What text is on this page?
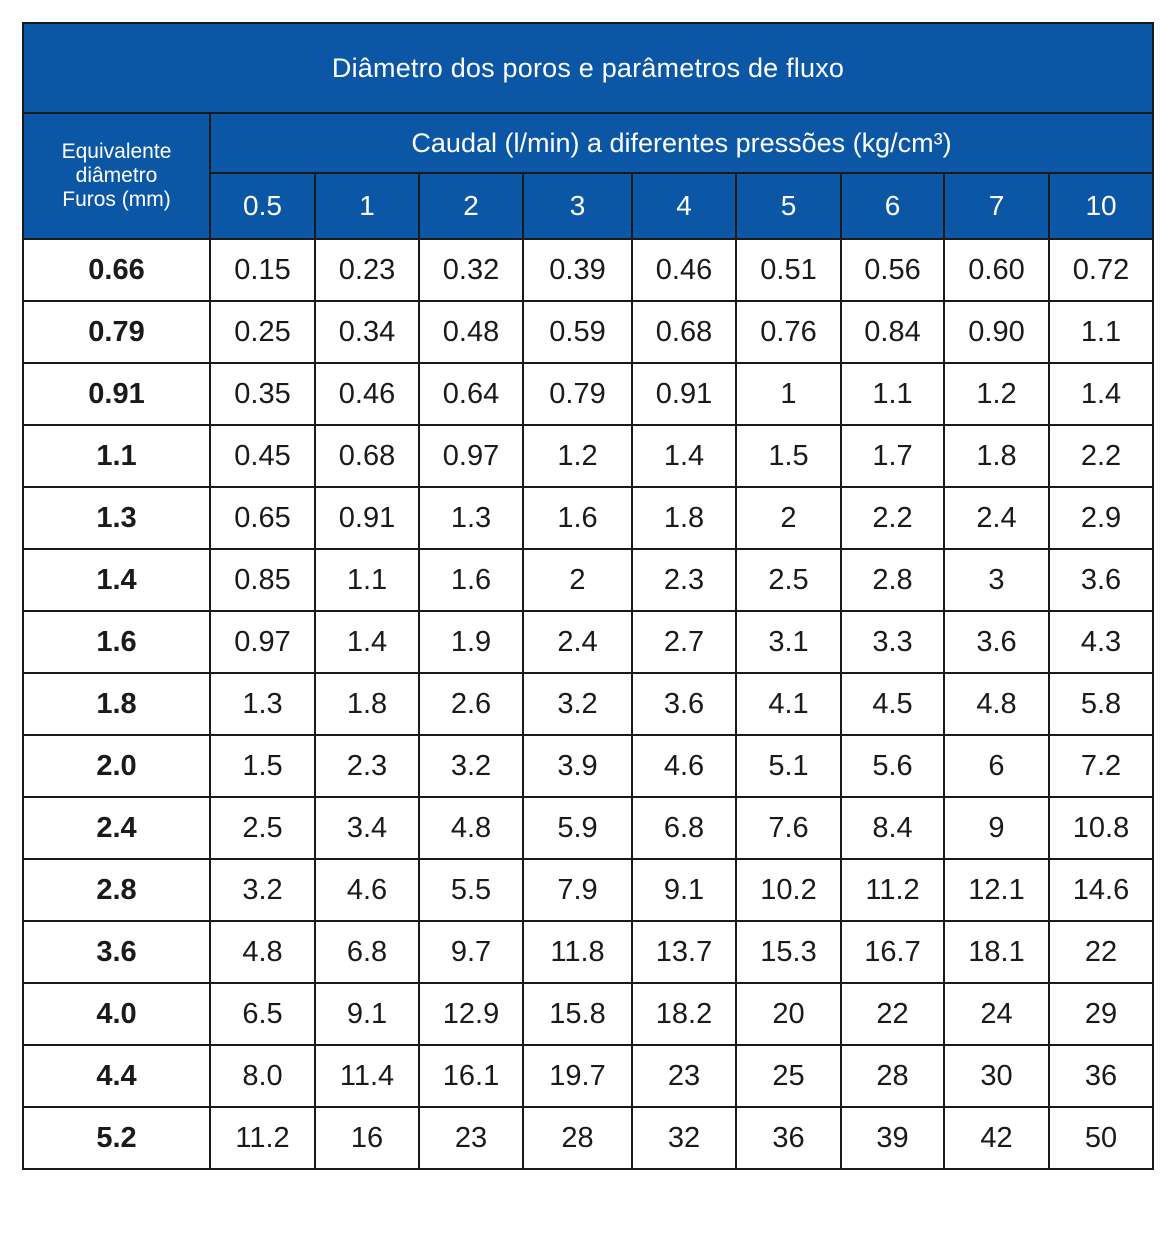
Diâmetro dos poros e parâmetros de fluxo									

Equivalente
diâmetro
Furos (mm)	Caudal (l/min) a diferentes pressões (kg/cm³)								
	0.5	1	2	3	4	5	6	7	10
0.66	0.15	0.23	0.32	0.39	0.46	0.51	0.56	0.60	0.72
0.79	0.25	0.34	0.48	0.59	0.68	0.76	0.84	0.90	1.1
0.91	0.35	0.46	0.64	0.79	0.91	1	1.1	1.2	1.4
1.1	0.45	0.68	0.97	1.2	1.4	1.5	1.7	1.8	2.2
1.3	0.65	0.91	1.3	1.6	1.8	2	2.2	2.4	2.9
1.4	0.85	1.1	1.6	2	2.3	2.5	2.8	3	3.6
1.6	0.97	1.4	1.9	2.4	2.7	3.1	3.3	3.6	4.3
1.8	1.3	1.8	2.6	3.2	3.6	4.1	4.5	4.8	5.8
2.0	1.5	2.3	3.2	3.9	4.6	5.1	5.6	6	7.2
2.4	2.5	3.4	4.8	5.9	6.8	7.6	8.4	9	10.8
2.8	3.2	4.6	5.5	7.9	9.1	10.2	11.2	12.1	14.6
3.6	4.8	6.8	9.7	11.8	13.7	15.3	16.7	18.1	22
4.0	6.5	9.1	12.9	15.8	18.2	20	22	24	29
4.4	8.0	11.4	16.1	19.7	23	25	28	30	36
5.2	11.2	16	23	28	32	36	39	42	50
